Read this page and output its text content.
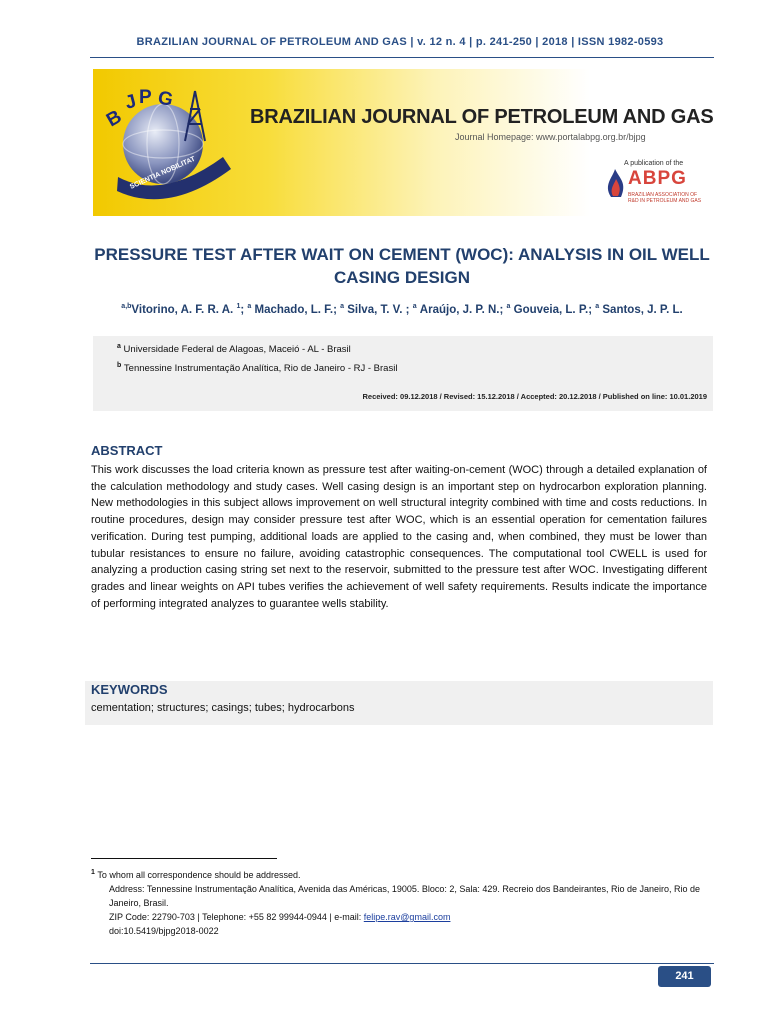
BRAZILIAN JOURNAL OF PETROLEUM AND GAS | v. 12 n. 4 | p. 241-250 | 2018 | ISSN 1982-0593
B
J P G
SCIENTIA NOBILITAT
BRAZILIAN JOURNAL OF PETROLEUM AND GAS
Journal Homepage: www.portalabpg.org.br/bjpg
A publication of the
ABPG
BRAZILIAN ASSOCIATION OF R&D IN PETROLEUM AND GAS
PRESSURE TEST AFTER WAIT ON CEMENT (WOC): ANALYSIS IN OIL WELL CASING DESIGN
$^{a,b}$Vitorino, A. F. R. A. $^1$; $^a$ Machado, L. F.; $^a$ Silva, T. V. ; $^a$ Araújo, J. P. N.; $^a$ Gouveia, L. P.; $^a$ Santos, J. P. L.
$^a$ Universidade Federal de Alagoas, Maceió - AL - Brasil
$^b$ Tennessine Instrumentação Analítica, Rio de Janeiro - RJ - Brasil
Received: 09.12.2018 / Revised: 15.12.2018 / Accepted: 20.12.2018 / Published on line: 10.01.2019
ABSTRACT
This work discusses the load criteria known as pressure test after waiting-on-cement (WOC) through a detailed explanation of the calculation methodology and study cases. Well casing design is an important step on hydrocarbon exploration planning. New methodologies in this subject allows improvement on well structural integrity combined with time and costs reductions. In routine procedures, design may consider pressure test after WOC, which is an essential operation for cementation failures verification. During test pumping, additional loads are applied to the casing and, when combined, they must be lower than tubular resistances to ensure no failure, avoiding catastrophic consequences. The computational tool CWELL is used for analyzing a production casing string set next to the reservoir, submitted to the pressure test after WOC. Investigating different grades and linear weights on API tubes verifies the achievement of well safety requirements. Results indicate the importance of performing integrated analyzes to guarantee wells stability.
KEYWORDS
cementation; structures; casings; tubes; hydrocarbons
$^1$ To whom all correspondence should be addressed.
Address: Tennessine Instrumentação Analítica, Avenida das Américas, 19005. Bloco: 2, Sala: 429. Recreio dos Bandeirantes, Rio de Janeiro, Rio de Janeiro, Brasil.
ZIP Code: 22790-703 | Telephone: +55 82 99944-0944 | e-mail: felipe.rav@gmail.com
doi:10.5419/bjpg2018-0022
241
